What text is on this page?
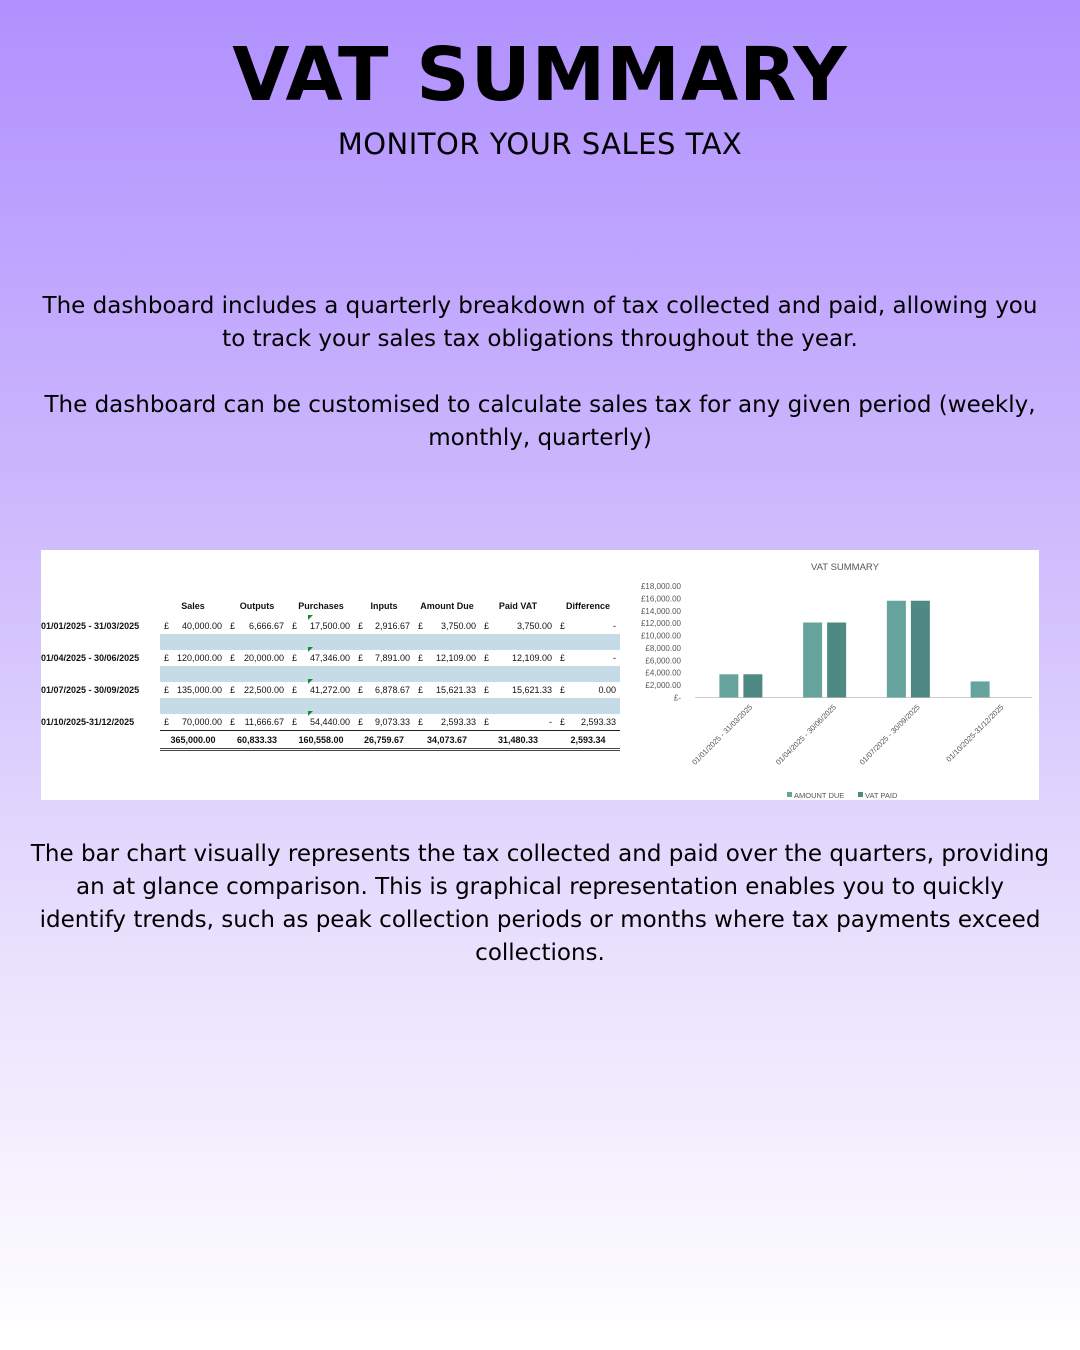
VAT SUMMARY
MONITOR YOUR SALES TAX
The dashboard includes a quarterly breakdown of tax collected and paid, allowing you to track your sales tax obligations throughout the year.
The dashboard can be customised to calculate sales tax for any given period (weekly, monthly, quarterly)
	Sales	Outputs	Purchases	Inputs	Amount Due	Paid VAT	Difference
01/01/2025 - 31/03/2025	£ 40,000.00	£ 6,666.67	£ 17,500.00	£ 2,916.67	£ 3,750.00	£ 3,750.00	£ -

01/04/2025 - 30/06/2025	£ 120,000.00	£ 20,000.00	£ 47,346.00	£ 7,891.00	£ 12,109.00	£ 12,109.00	£ -

01/07/2025 - 30/09/2025	£ 135,000.00	£ 22,500.00	£ 41,272.00	£ 6,878.67	£ 15,621.33	£ 15,621.33	£ 0.00

01/10/2025-31/12/2025	£ 70,000.00	£ 11,666.67	£ 54,440.00	£ 9,073.33	£ 2,593.33	£ -	£ 2,593.33
	365,000.00	60,833.33	160,558.00	26,759.67	34,073.67	31,480.33	2,593.34
VAT SUMMARY
£-
£2,000.00
£4,000.00
£6,000.00
£8,000.00
£10,000.00
£12,000.00
£14,000.00
£16,000.00
£18,000.00
01/01/2025 - 31/03/2025	01/04/2025 - 30/06/2025	01/07/2025 - 30/09/2025	01/10/2025-31/12/2025
AMOUNT DUE	VAT PAID
The bar chart visually represents the tax collected and paid over the quarters, providing an at glance comparison. This is graphical representation enables you to quickly identify trends, such as peak collection periods or months where tax payments exceed collections.
